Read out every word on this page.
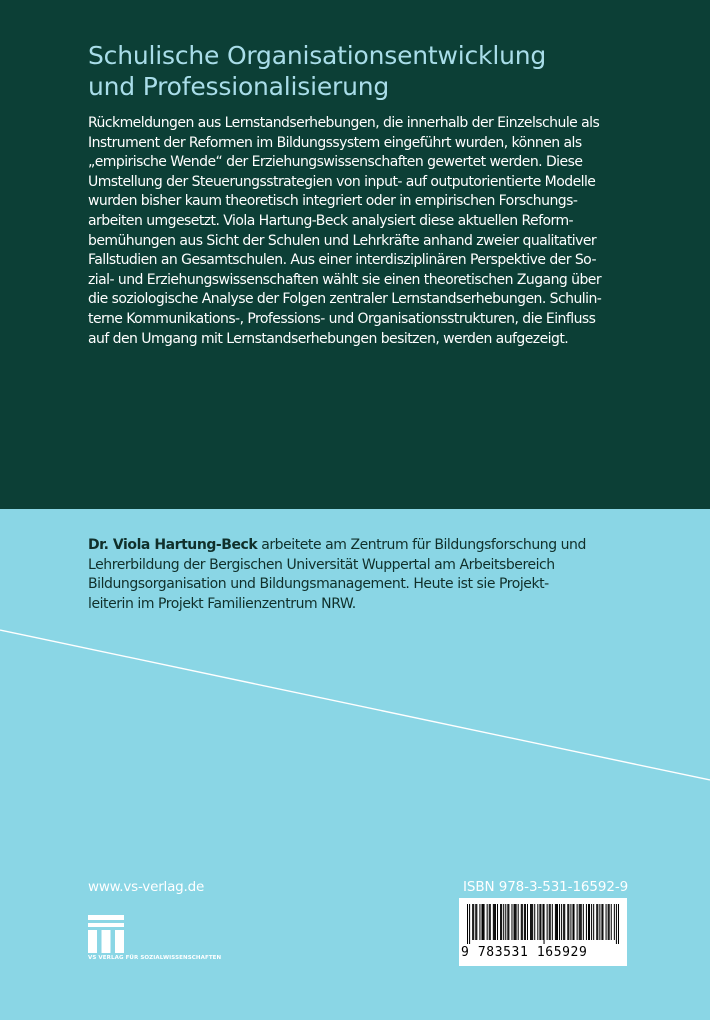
Schulische Organisationsentwicklung
und Professionalisierung
Rückmeldungen aus Lernstandserhebungen, die innerhalb der Einzelschule als
Instrument der Reformen im Bildungssystem eingeführt wurden, können als
„empirische Wende“ der Erziehungswissenschaften gewertet werden. Diese
Umstellung der Steuerungsstrategien von input- auf outputorientierte Modelle
wurden bisher kaum theoretisch integriert oder in empirischen Forschungs-
arbeiten umgesetzt. Viola Hartung-Beck analysiert diese aktuellen Reform-
bemühungen aus Sicht der Schulen und Lehrkräfte anhand zweier qualitativer
Fallstudien an Gesamtschulen. Aus einer interdisziplinären Perspektive der So-
zial- und Erziehungswissenschaften wählt sie einen theoretischen Zugang über
die soziologische Analyse der Folgen zentraler Lernstandserhebungen. Schulin-
terne Kommunikations-, Professions- und Organisationsstrukturen, die Einfluss
auf den Umgang mit Lernstandserhebungen besitzen, werden aufgezeigt.
Dr. Viola Hartung-Beck arbeitete am Zentrum für Bildungsforschung und
Lehrerbildung der Bergischen Universität Wuppertal am Arbeitsbereich
Bildungsorganisation und Bildungsmanagement. Heute ist sie Projekt-
leiterin im Projekt Familienzentrum NRW.
www.vs-verlag.de
VS VERLAG FÜR SOZIALWISSENSCHAFTEN
ISBN 978-3-531-16592-9
9 783531 165929
